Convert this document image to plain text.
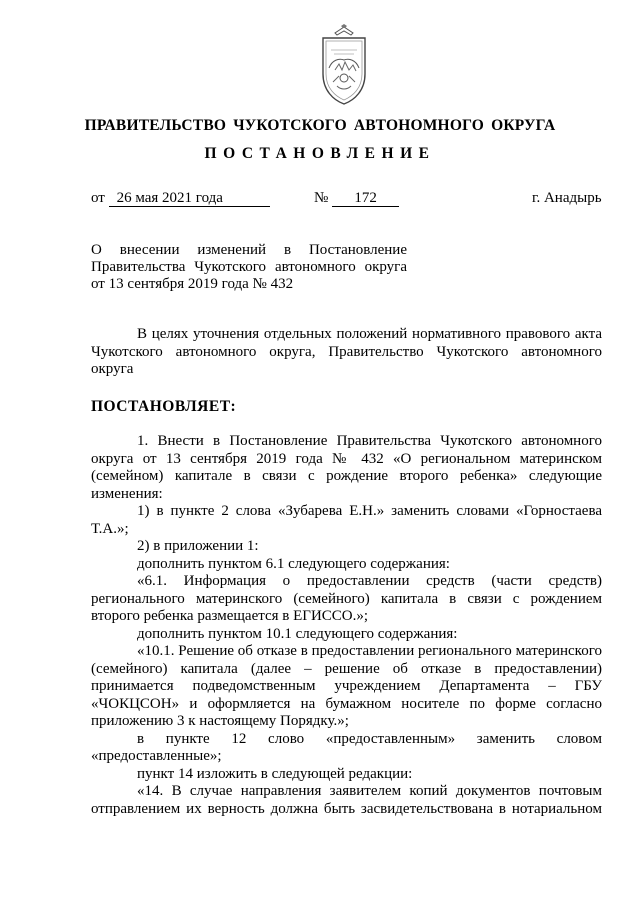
ПРАВИТЕЛЬСТВО ЧУКОТСКОГО АВТОНОМНОГО ОКРУГА
ПОСТАНОВЛЕНИЕ
от 26 мая 2021 года	№ 172	г. Анадырь
О внесении изменений в Постановление
Правительства Чукотского автономного округа
от 13 сентября 2019 года № 432
В целях уточнения отдельных положений нормативного правового акта Чукотского автономного округа, Правительство Чукотского автономного округа
ПОСТАНОВЛЯЕТ:
1. Внести в Постановление Правительства Чукотского автономного округа от 13 сентября 2019 года № 432 «О региональном материнском (семейном) капитале в связи с рождение второго ребенка» следующие изменения:
1) в пункте 2 слова «Зубарева Е.Н.» заменить словами «Горностаева Т.А.»;
2) в приложении 1:
дополнить пунктом 6.1 следующего содержания:
«6.1. Информация о предоставлении средств (части средств) регионального материнского (семейного) капитала в связи с рождением второго ребенка размещается в ЕГИССО.»;
дополнить пунктом 10.1 следующего содержания:
«10.1. Решение об отказе в предоставлении регионального материнского (семейного) капитала (далее – решение об отказе в предоставлении) принимается подведомственным учреждением Департамента – ГБУ «ЧОКЦСОН» и оформляется на бумажном носителе по форме согласно приложению 3 к настоящему Порядку.»;
в пункте 12 слово «предоставленным» заменить словом «предоставленные»;
пункт 14 изложить в следующей редакции:
«14. В случае направления заявителем копий документов почтовым
отправлением их верность должна быть засвидетельствована в нотариальном
